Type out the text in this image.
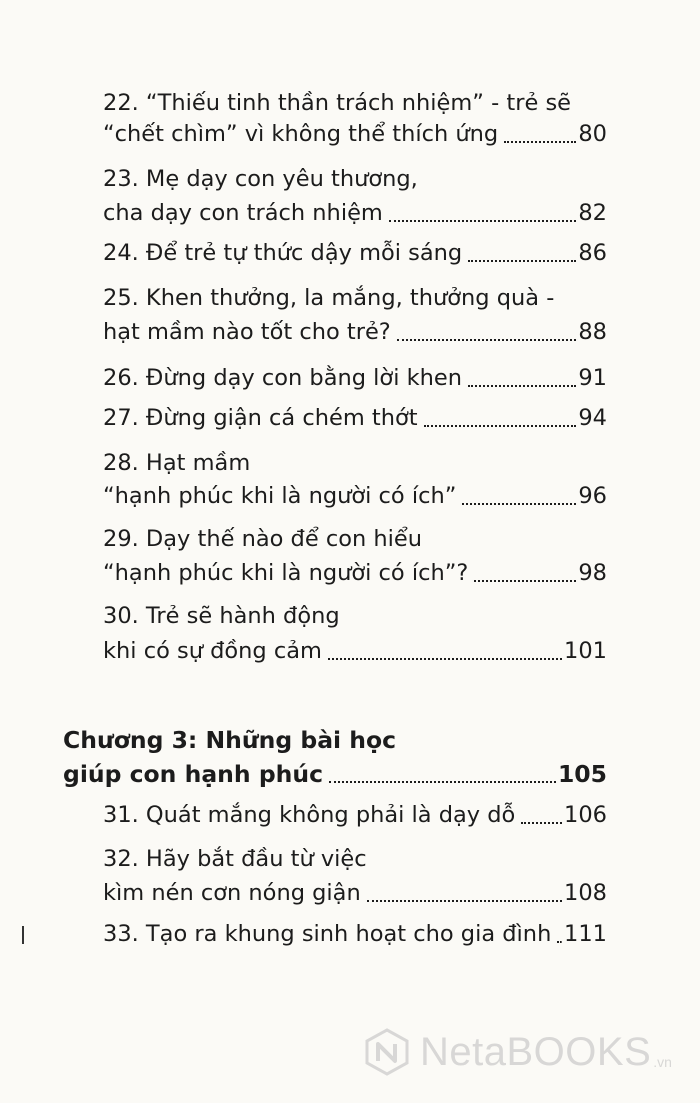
22. “Thiếu tinh thần trách nhiệm” - trẻ sẽ
“chết chìm” vì không thể thích ứng	80
23. Mẹ dạy con yêu thương,
cha dạy con trách nhiệm	82
24. Để trẻ tự thức dậy mỗi sáng	86
25. Khen thưởng, la mắng, thưởng quà -
hạt mầm nào tốt cho trẻ?	88
26. Đừng dạy con bằng lời khen	91
27. Đừng giận cá chém thớt	94
28. Hạt mầm
“hạnh phúc khi là người có ích”	96
29. Dạy thế nào để con hiểu
“hạnh phúc khi là người có ích”?	98
30. Trẻ sẽ hành động
khi có sự đồng cảm	101
Chương 3: Những bài học
giúp con hạnh phúc	105
31. Quát mắng không phải là dạy dỗ 106
32. Hãy bắt đầu từ việc
kìm nén cơn nóng giận	108
33. Tạo ra khung sinh hoạt cho gia đình 111
NetaBOOKS .vn
